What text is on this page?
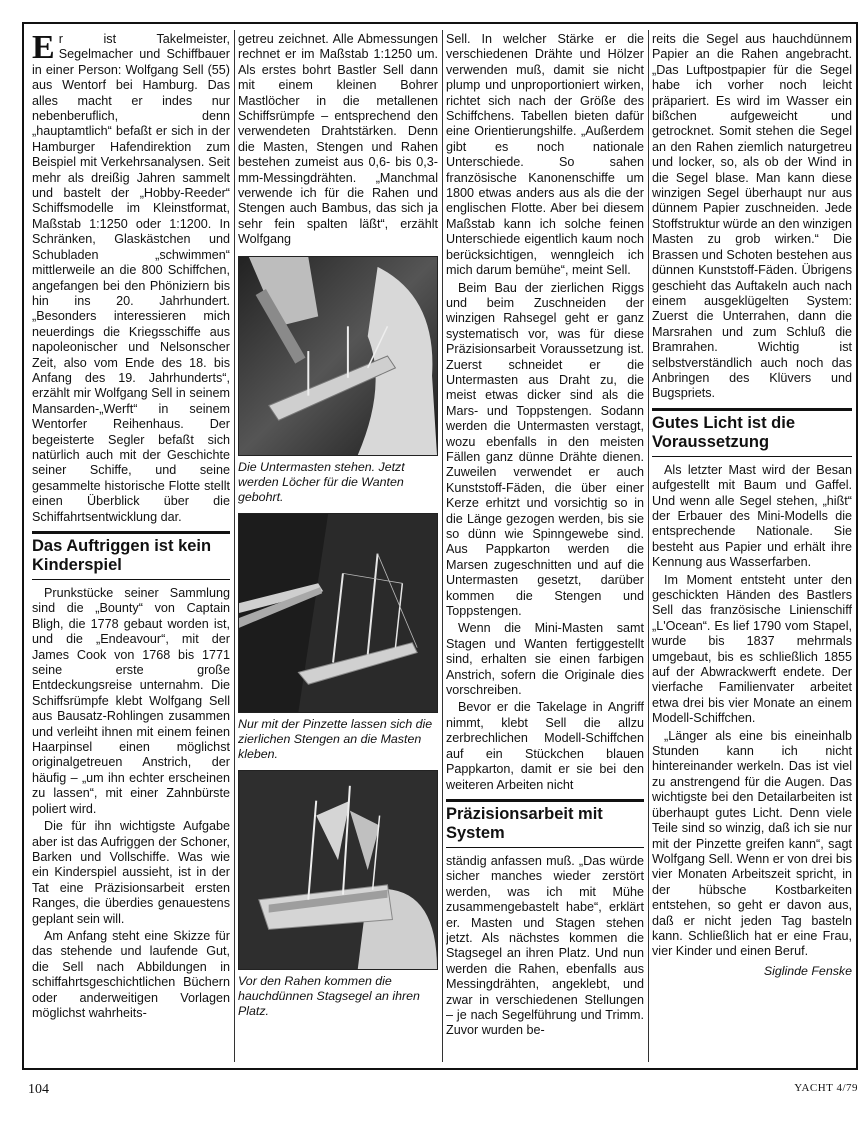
Er ist Takelmeister, Segelmacher und Schiffbauer in einer Person: Wolfgang Sell (55) aus Wentorf bei Hamburg. Das alles macht er indes nur nebenberuflich, denn „hauptamtlich“ befaßt er sich in der Hamburger Hafendirektion zum Beispiel mit Verkehrsanalysen. Seit mehr als dreißig Jahren sammelt und bastelt der „Hobby-Reeder“ Schiffsmodelle im Kleinstformat, Maßstab 1:1250 oder 1:1200. In Schränken, Glaskästchen und Schubladen „schwimmen“ mittlerweile an die 800 Schiffchen, angefangen bei den Phöniziern bis hin ins 20. Jahrhundert. „Besonders interessieren mich neuerdings die Kriegsschiffe aus napoleonischer und Nelsonscher Zeit, also vom Ende des 18. bis Anfang des 19. Jahrhunderts“, erzählt mir Wolfgang Sell in seinem Mansarden-„Werft“ in seinem Wentorfer Reihenhaus. Der begeisterte Segler befaßt sich natürlich auch mit der Geschichte seiner Schiffe, und seine gesammelte historische Flotte stellt einen Überblick über die Schiffahrtsentwicklung dar.

Das Auftriggen ist kein Kinderspiel

Prunkstücke seiner Sammlung sind die „Bounty“ von Captain Bligh, die 1778 gebaut worden ist, und die „Endeavour“, mit der James Cook von 1768 bis 1771 seine erste große Entdeckungsreise unternahm. Die Schiffsrümpfe klebt Wolfgang Sell aus Bausatz-Rohlingen zusammen und verleiht ihnen mit einem feinen Haarpinsel einen möglichst originalgetreuen Anstrich, der häufig – „um ihn echter erscheinen zu lassen“, mit einer Zahnbürste poliert wird.

Die für ihn wichtigste Aufgabe aber ist das Aufriggen der Schoner, Barken und Vollschiffe. Was wie ein Kinderspiel aussieht, ist in der Tat eine Präzisionsarbeit ersten Ranges, die überdies genauestens geplant sein will.

Am Anfang steht eine Skizze für das stehende und laufende Gut, die Sell nach Abbildungen in schiffahrtsgeschichtlichen Büchern oder anderweitigen Vorlagen möglichst wahrheits-

getreu zeichnet. Alle Abmessungen rechnet er im Maßstab 1:1250 um. Als erstes bohrt Bastler Sell dann mit einem kleinen Bohrer Mastlöcher in die metallenen Schiffsrümpfe – entsprechend den verwendeten Drahtstärken. Denn die Masten, Stengen und Rahen bestehen zumeist aus 0,6- bis 0,3-mm-Messingdrähten. „Manchmal verwende ich für die Rahen und Stengen auch Bambus, das sich ja sehr fein spalten läßt“, erzählt Wolfgang

Die Untermasten stehen. Jetzt werden Löcher für die Wanten gebohrt.
Nur mit der Pinzette lassen sich die zierlichen Stengen an die Masten kleben.
Vor den Rahen kommen die hauchdünnen Stagsegel an ihren Platz.

Sell. In welcher Stärke er die verschiedenen Drähte und Hölzer verwenden muß, damit sie nicht plump und unproportioniert wirken, richtet sich nach der Größe des Schiffchens. Tabellen bieten dafür eine Orientierungshilfe. „Außerdem gibt es noch nationale Unterschiede. So sahen französische Kanonenschiffe um 1800 etwas anders aus als die der englischen Flotte. Aber bei diesem Maßstab kann ich solche feinen Unterschiede eigentlich kaum noch berücksichtigen, wenngleich ich mich darum bemühe“, meint Sell.

Beim Bau der zierlichen Riggs und beim Zuschneiden der winzigen Rahsegel geht er ganz systematisch vor, was für diese Präzisionsarbeit Voraussetzung ist. Zuerst schneidet er die Untermasten aus Draht zu, die meist etwas dicker sind als die Mars- und Toppstengen. Sodann werden die Untermasten verstagt, wozu ebenfalls in den meisten Fällen ganz dünne Drähte dienen. Zuweilen verwendet er auch Kunststoff-Fäden, die über einer Kerze erhitzt und vorsichtig so in die Länge gezogen werden, bis sie so dünn wie Spinngewebe sind. Aus Pappkarton werden die Marsen zugeschnitten und auf die Untermasten gesetzt, darüber kommen die Stengen und Toppstengen.

Wenn die Mini-Masten samt Stagen und Wanten fertiggestellt sind, erhalten sie einen farbigen Anstrich, sofern die Originale dies vorschreiben.

Bevor er die Takelage in Angriff nimmt, klebt Sell die allzu zerbrechlichen Modell-Schiffchen auf ein Stückchen blauen Pappkarton, damit er sie bei den weiteren Arbeiten nicht

Präzisionsarbeit mit System

ständig anfassen muß. „Das würde sicher manches wieder zerstört werden, was ich mit Mühe zusammengebastelt habe“, erklärt er. Masten und Stagen stehen jetzt. Als nächstes kommen die Stagsegel an ihren Platz. Und nun werden die Rahen, ebenfalls aus Messingdrähten, angeklebt, und zwar in verschiedenen Stellungen – je nach Segelführung und Trimm. Zuvor wurden be-

reits die Segel aus hauchdünnem Papier an die Rahen angebracht. „Das Luftpostpapier für die Segel habe ich vorher noch leicht präpariert. Es wird im Wasser ein bißchen aufgeweicht und getrocknet. Somit stehen die Segel an den Rahen ziemlich naturgetreu und locker, so, als ob der Wind in die Segel blase. Man kann diese winzigen Segel überhaupt nur aus dünnem Papier zuschneiden. Jede Stoffstruktur würde an den winzigen Masten zu grob wirken.“ Die Brassen und Schoten bestehen aus dünnen Kunststoff-Fäden. Übrigens geschieht das Auftakeln auch nach einem ausgeklügelten System: Zuerst die Unterrahen, dann die Marsrahen und zum Schluß die Bramrahen. Wichtig ist selbstverständlich auch noch das Anbringen des Klüvers und Bugspriets.

Gutes Licht ist die Voraussetzung

Als letzter Mast wird der Besan aufgestellt mit Baum und Gaffel. Und wenn alle Segel stehen, „hißt“ der Erbauer des Mini-Modells die entsprechende Nationale. Sie besteht aus Papier und erhält ihre Kennung aus Wasserfarben.

Im Moment entsteht unter den geschickten Händen des Bastlers Sell das französische Linienschiff „L'Ocean“. Es lief 1790 vom Stapel, wurde bis 1837 mehrmals umgebaut, bis es schließlich 1855 auf der Abwrackwerft endete. Der vierfache Familienvater arbeitet etwa drei bis vier Monate an einem Modell-Schiffchen.

„Länger als eine bis eineinhalb Stunden kann ich nicht hintereinander werkeln. Das ist viel zu anstrengend für die Augen. Das wichtigste bei den Detailarbeiten ist überhaupt gutes Licht. Denn viele Teile sind so winzig, daß ich sie nur mit der Pinzette greifen kann“, sagt Wolfgang Sell. Wenn er von drei bis vier Monaten Arbeitszeit spricht, in der hübsche Kostbarkeiten entstehen, so geht er davon aus, daß er nicht jeden Tag basteln kann. Schließlich hat er eine Frau, vier Kinder und einen Beruf.

Siglinde Fenske
104	YACHT 4/79
